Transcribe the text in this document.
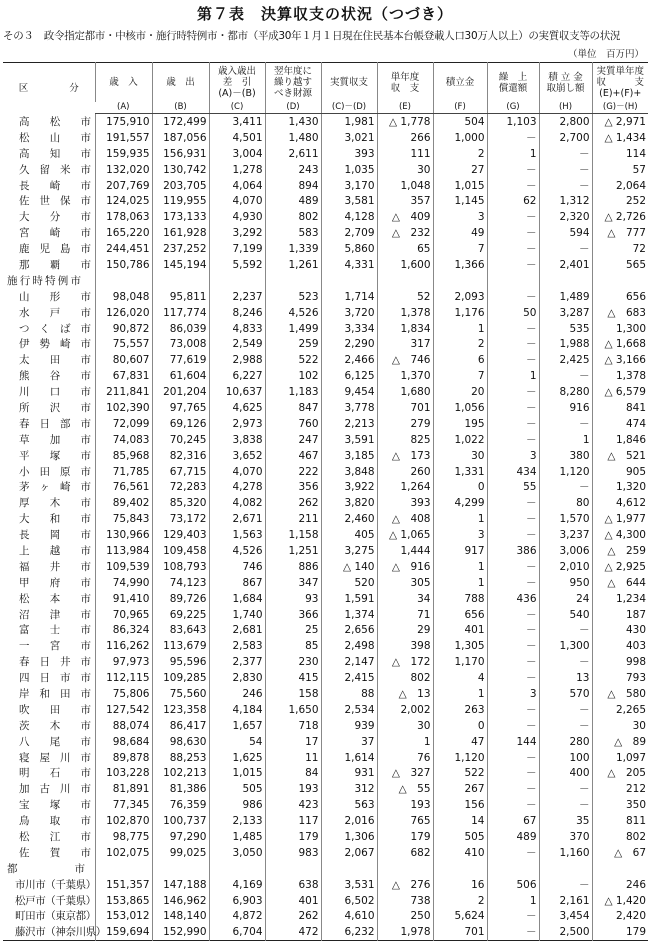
第７表　決算収支の状況（つづき）
その３　政令指定都市・中核市・施行時特例市・都市（平成30年１月１日現在住民基本台帳登載人口30万人以上）の実質収支等の状況
（単位　百万円）
区 分	歳　入	歳　出	歳入歳出
差　引
(A)－(B)	翌年度に
繰り越す
べき財源	実質収支	単年度
収　支	積立金	繰　上
償還額	積 立 金
取崩し額	実質単年度
収　　　支
(E)+(F)+

	(A)	(B)	(C)	(D)	(C)－(D)	(E)	(F)	(G)	(H)	(G)－(H)

高 松 市	175,910	172,499	3,411	1,430	1,981	△ 1,778	504	1,103	2,800	△ 2,971

松 山 市	191,557	187,056	4,501	1,480	3,021	266	1,000	－	2,700	△ 1,434

高 知 市	159,935	156,931	3,004	2,611	393	111	2	1	－	114

久 留 米 市	132,020	130,742	1,278	243	1,035	30	27	－	－	57

長 崎 市	207,769	203,705	4,064	894	3,170	1,048	1,015	－	－	2,064

佐 世 保 市	124,025	119,955	4,070	489	3,581	357	1,145	62	1,312	252

大 分 市	178,063	173,133	4,930	802	4,128	△　409	3	－	2,320	△ 2,726

宮 崎 市	165,220	161,928	3,292	583	2,709	△　232	49	－	594	△　777

鹿 児 島 市	244,451	237,252	7,199	1,339	5,860	65	7	－	－	72

那 覇 市	150,786	145,194	5,592	1,261	4,331	1,600	1,366	－	2,401	565
施行時特例市										

山 形 市	98,048	95,811	2,237	523	1,714	52	2,093	－	1,489	656

水 戸 市	126,020	117,774	8,246	4,526	3,720	1,378	1,176	50	3,287	△　683

つ く ば 市	90,872	86,039	4,833	1,499	3,334	1,834	1	－	535	1,300

伊 勢 崎 市	75,557	73,008	2,549	259	2,290	317	2	－	1,988	△ 1,668

太 田 市	80,607	77,619	2,988	522	2,466	△　746	6	－	2,425	△ 3,166

熊 谷 市	67,831	61,604	6,227	102	6,125	1,370	7	1	－	1,378

川 口 市	211,841	201,204	10,637	1,183	9,454	1,680	20	－	8,280	△ 6,579

所 沢 市	102,390	97,765	4,625	847	3,778	701	1,056	－	916	841

春 日 部 市	72,099	69,126	2,973	760	2,213	279	195	－	－	474

草 加 市	74,083	70,245	3,838	247	3,591	825	1,022	－	1	1,846

平 塚 市	85,968	82,316	3,652	467	3,185	△　173	30	3	380	△　521

小 田 原 市	71,785	67,715	4,070	222	3,848	260	1,331	434	1,120	905

茅 ヶ 崎 市	76,561	72,283	4,278	356	3,922	1,264	0	55	－	1,320

厚 木 市	89,402	85,320	4,082	262	3,820	393	4,299	－	80	4,612

大 和 市	75,843	73,172	2,671	211	2,460	△　408	1	－	1,570	△ 1,977

長 岡 市	130,966	129,403	1,563	1,158	405	△ 1,065	3	－	3,237	△ 4,300

上 越 市	113,984	109,458	4,526	1,251	3,275	1,444	917	386	3,006	△　259

福 井 市	109,539	108,793	746	886	△ 140	△　916	1	－	2,010	△ 2,925

甲 府 市	74,990	74,123	867	347	520	305	1	－	950	△　644

松 本 市	91,410	89,726	1,684	93	1,591	34	788	436	24	1,234

沼 津 市	70,965	69,225	1,740	366	1,374	71	656	－	540	187

富 士 市	86,324	83,643	2,681	25	2,656	29	401	－	－	430

一 宮 市	116,262	113,679	2,583	85	2,498	398	1,305	－	1,300	403

春 日 井 市	97,973	95,596	2,377	230	2,147	△　172	1,170	－	－	998

四 日 市 市	112,115	109,285	2,830	415	2,415	802	4	－	13	793

岸 和 田 市	75,806	75,560	246	158	88	△　13	1	3	570	△　580

吹 田 市	127,542	123,358	4,184	1,650	2,534	2,002	263	－	－	2,265

茨 木 市	88,074	86,417	1,657	718	939	30	0	－	－	30

八 尾 市	98,684	98,630	54	17	37	1	47	144	280	△　89

寝 屋 川 市	89,878	88,253	1,625	11	1,614	76	1,120	－	100	1,097

明 石 市	103,228	102,213	1,015	84	931	△　327	522	－	400	△　205

加 古 川 市	81,891	81,386	505	193	312	△　55	267	－	－	212

宝 塚 市	77,345	76,359	986	423	563	193	156	－	－	350

鳥 取 市	102,870	100,737	2,133	117	2,016	765	14	67	35	811

松 江 市	98,775	97,290	1,485	179	1,306	179	505	489	370	802

佐 賀 市	102,075	99,025	3,050	983	2,067	682	410	－	1,160	△　67

都 市										

市川市（千葉県）	151,357	147,188	4,169	638	3,531	△　276	16	506	－	246
松戸市（千葉県）	153,865	146,962	6,903	401	6,502	738	2	1	2,161	△ 1,420
町田市（東京都）	153,012	148,140	4,872	262	4,610	250	5,624	－	3,454	2,420
藤沢市（神奈川県）	159,694	152,990	6,704	472	6,232	1,978	701	－	2,500	179
